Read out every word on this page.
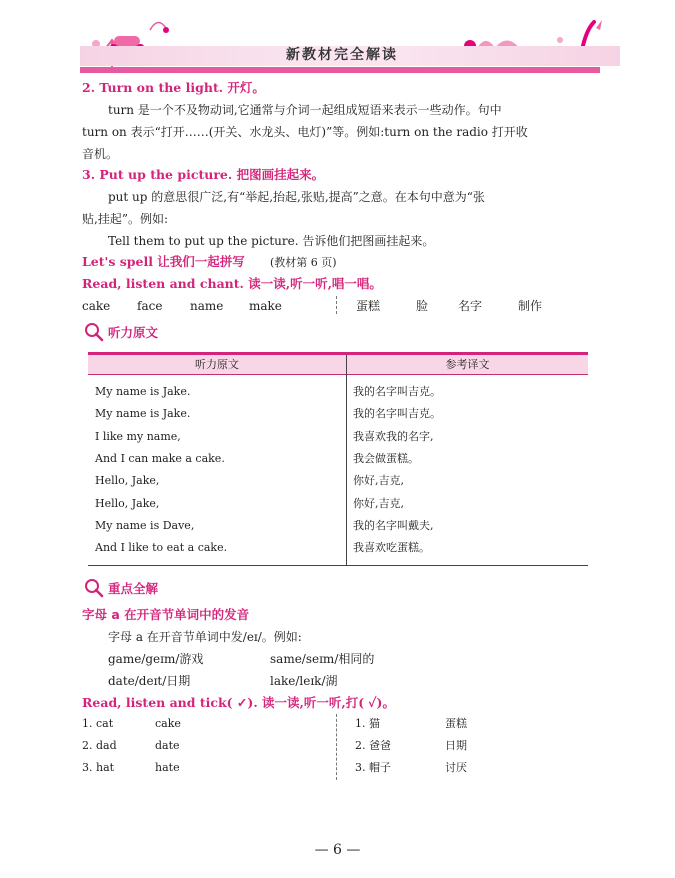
新教材完全解读
2. Turn on the light. 开灯。
turn 是一个不及物动词,它通常与介词一起组成短语来表示一些动作。句中
turn on 表示“打开……(开关、水龙头、电灯)”等。例如:turn on the radio 打开收
音机。
3. Put up the picture. 把图画挂起来。
put up 的意思很广泛,有“举起,抬起,张贴,提高”之意。在本句中意为“张
贴,挂起”。例如:
Tell them to put up the picture. 告诉他们把图画挂起来。
Let's spell 让我们一起拼写 (教材第 6 页)
Read, listen and chant. 读一读,听一听,唱一唱。
cake face name make	蛋糕	脸 名字	制作
听力原文
听力原文	参考译文
My name is Jake.	我的名字叫吉克。
My name is Jake.	我的名字叫吉克。
I like my name,	我喜欢我的名字,
And I can make a cake.	我会做蛋糕。
Hello, Jake,	你好,吉克,
Hello, Jake,	你好,吉克,
My name is Dave,	我的名字叫戴夫,
And I like to eat a cake.	我喜欢吃蛋糕。
重点全解
字母 a 在开音节单词中的发音
字母 a 在开音节单词中发/eɪ/。例如:
game/geɪm/游戏	same/seɪm/相同的
date/deɪt/日期	lake/leɪk/湖
Read, listen and tick( ✓). 读一读,听一听,打( ✓)。
1. cat	cake	1. 猫	蛋糕
2. dad	date	2. 爸爸	日期
3. hat	hate	3. 帽子	讨厌
— 6 —
